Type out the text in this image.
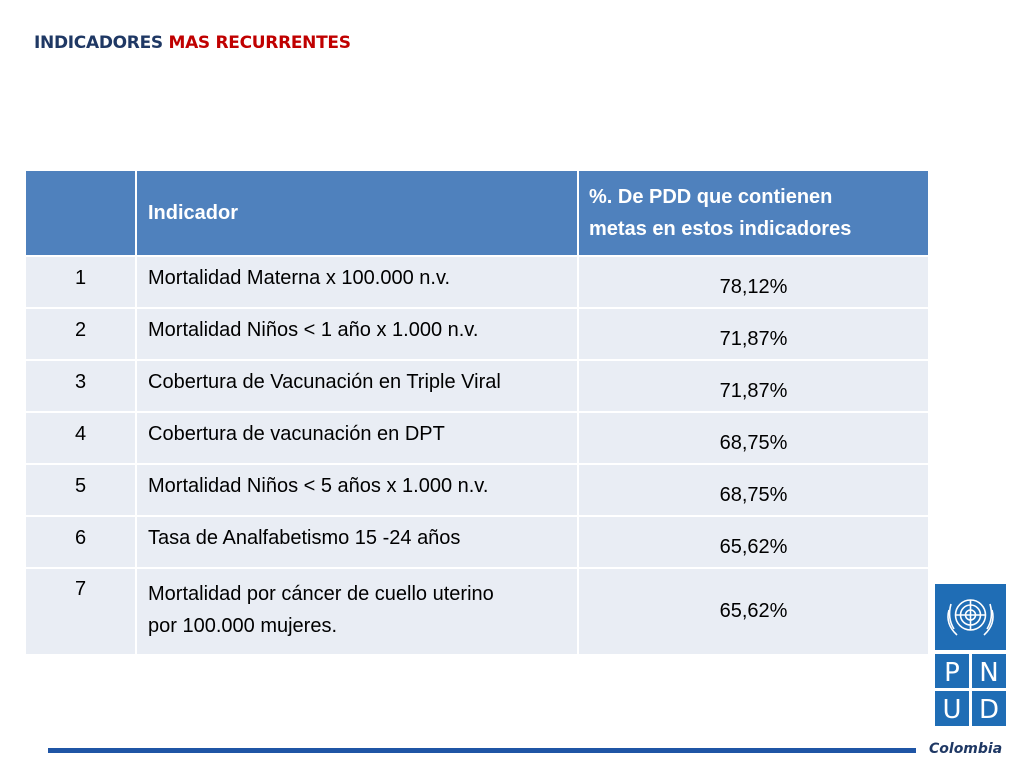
INDICADORES MAS RECURRENTES
	Indicador	%. De PDD que contienen
metas en estos indicadores

1	Mortalidad Materna x 100.000 n.v.	78,12%
2	Mortalidad Niños < 1 año x 1.000 n.v.	71,87%
3	Cobertura de Vacunación en Triple Viral	71,87%
4	Cobertura de vacunación en DPT	68,75%
5	Mortalidad Niños < 5 años x 1.000 n.v.	68,75%
6	Tasa de Analfabetismo 15 -24 años	65,62%
7	Mortalidad por cáncer de cuello uterino
por 100.000 mujeres.	65,62%
P N
U D
Colombia
